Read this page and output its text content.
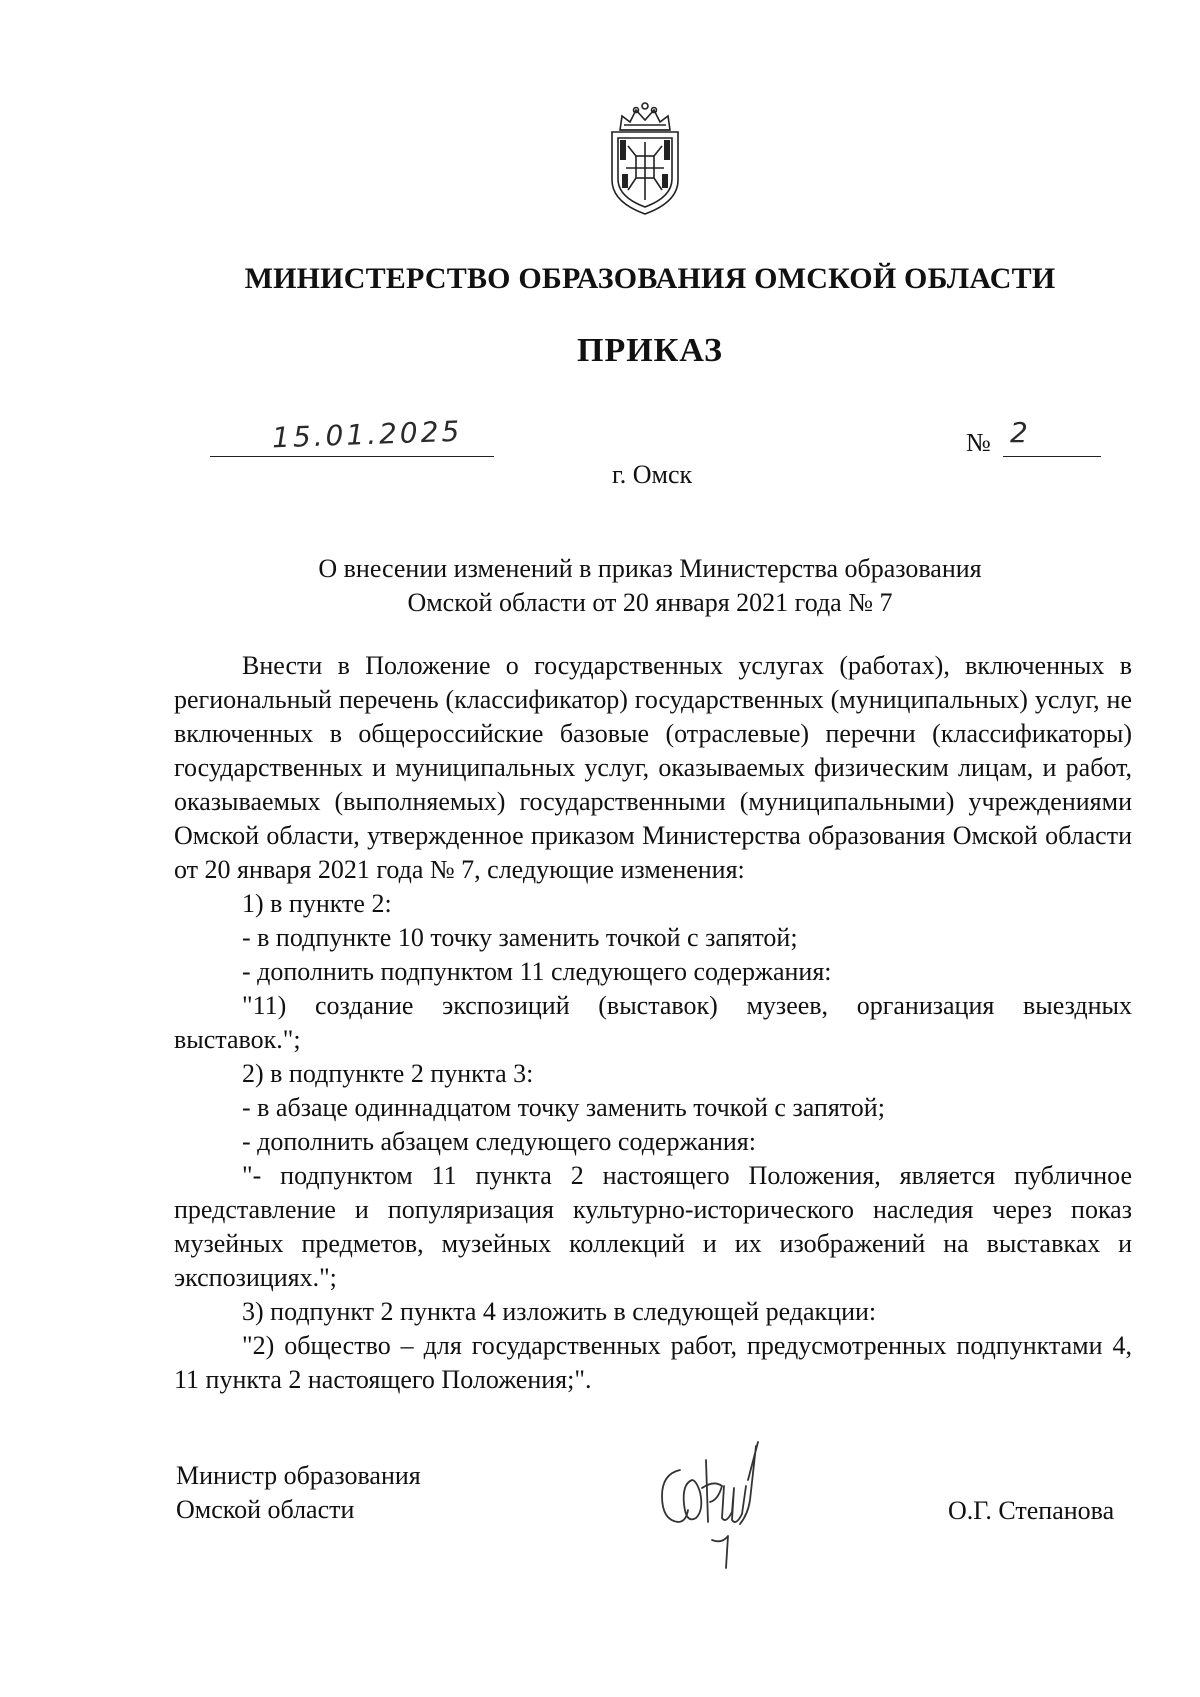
МИНИСТЕРСТВО ОБРАЗОВАНИЯ ОМСКОЙ ОБЛАСТИ
ПРИКАЗ
15.01.2025	№ 2
г. Омск
О внесении изменений в приказ Министерства образования
Омской области от 20 января 2021 года № 7

Внести в Положение о государственных услугах (работах), включенных в региональный перечень (классификатор) государственных (муниципальных) услуг, не включенных в общероссийские базовые (отраслевые) перечни (классификаторы) государственных и муниципальных услуг, оказываемых физическим лицам, и работ, оказываемых (выполняемых) государственными (муниципальными) учреждениями Омской области, утвержденное приказом Министерства образования Омской области от 20 января 2021 года № 7, следующие изменения:

1) в пункте 2:

- в подпункте 10 точку заменить точкой с запятой;

- дополнить подпунктом 11 следующего содержания:

"11) создание экспозиций (выставок) музеев, организация выездных выставок.";

2) в подпункте 2 пункта 3:

- в абзаце одиннадцатом точку заменить точкой с запятой;

- дополнить абзацем следующего содержания:

"- подпунктом 11 пункта 2 настоящего Положения, является публичное представление и популяризация культурно-исторического наследия через показ музейных предметов, музейных коллекций и их изображений на выставках и экспозициях.";

3) подпункт 2 пункта 4 изложить в следующей редакции:

"2) общество – для государственных работ, предусмотренных подпунктами 4, 11 пункта 2 настоящего Положения;".

Министр образования
Омской области	О.Г. Степанова
